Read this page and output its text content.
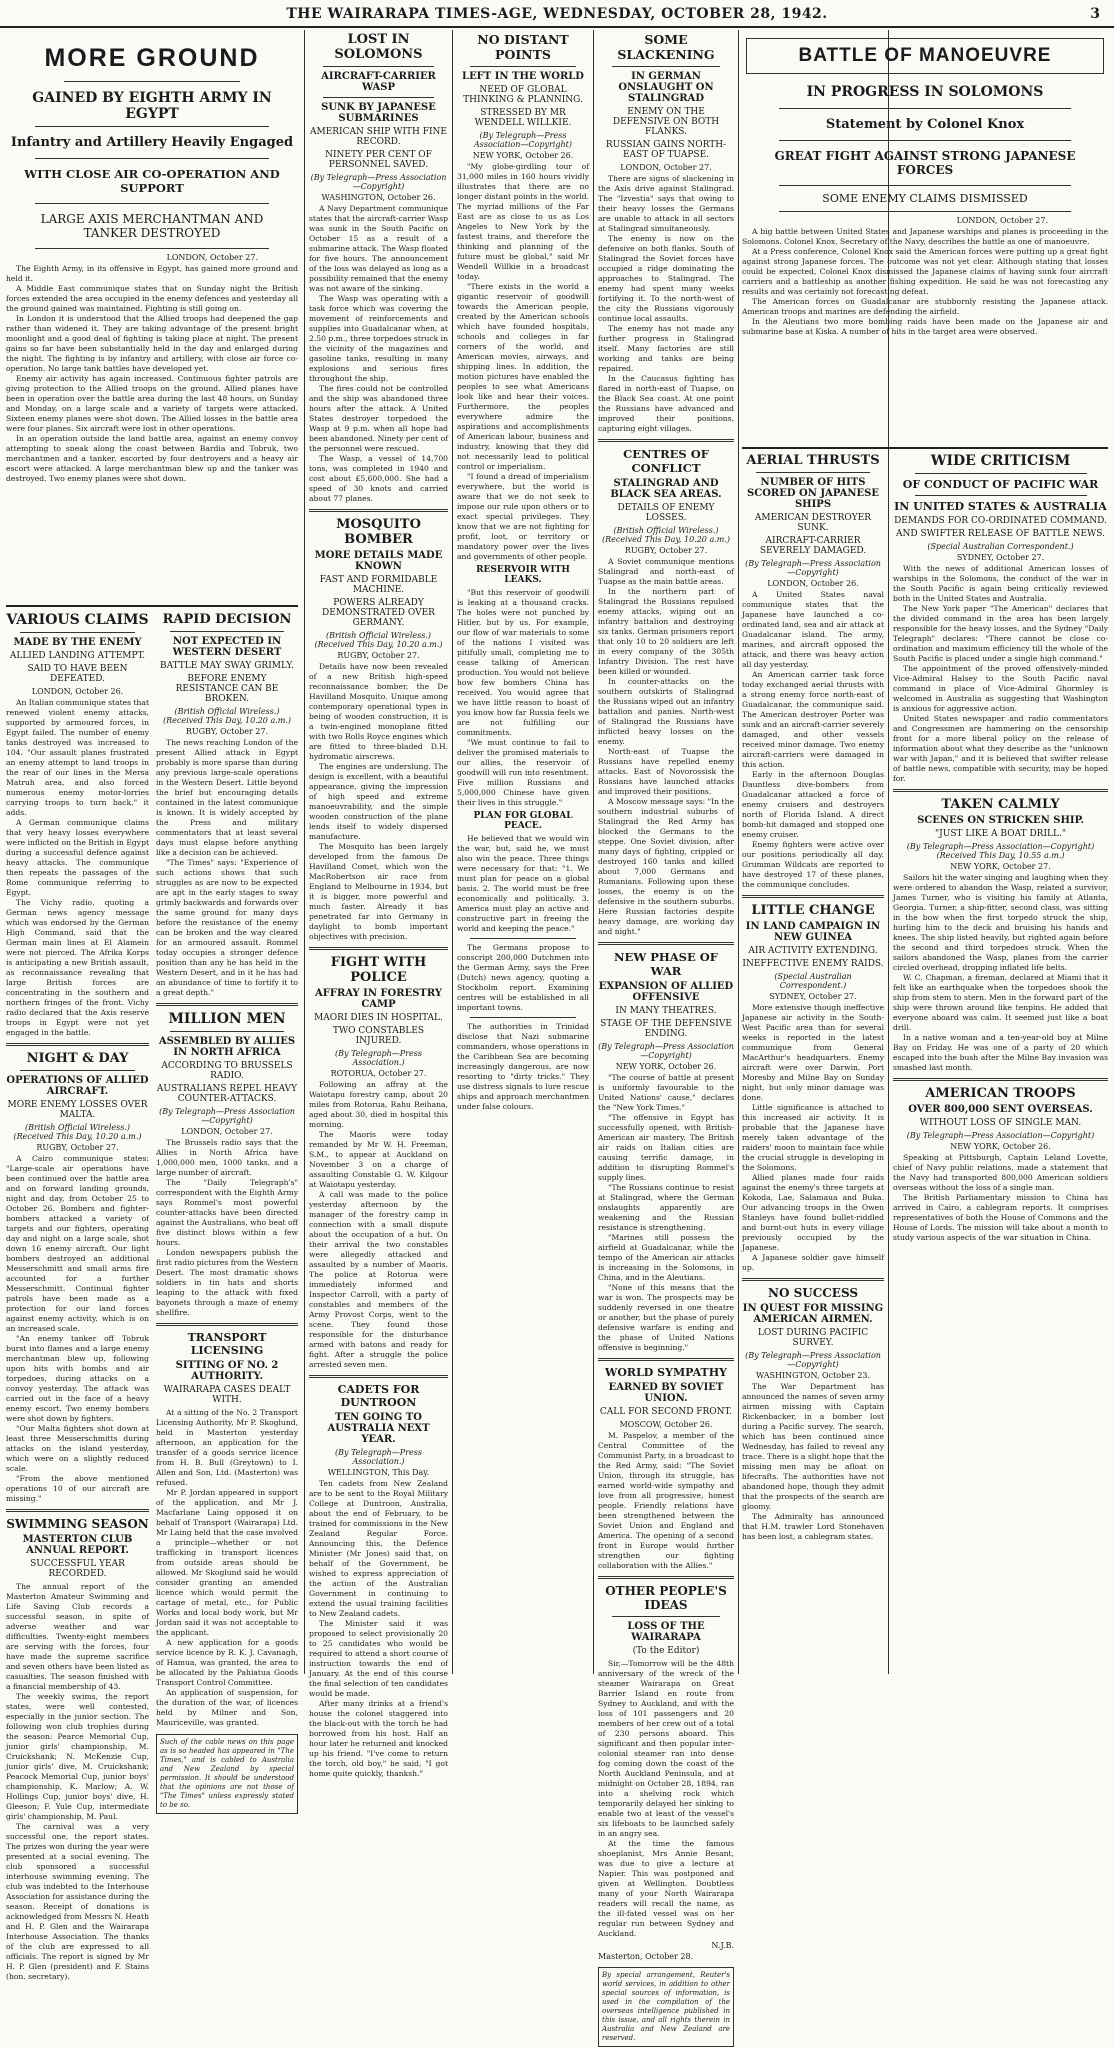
THE WAIRARAPA TIMES-AGE, WEDNESDAY, OCTOBER 28, 1942.	3
MORE GROUND
GAINED BY EIGHTH ARMY IN EGYPT
Infantry and Artillery Heavily Engaged
WITH CLOSE AIR CO-OPERATION AND SUPPORT
LARGE AXIS MERCHANTMAN AND TANKER DESTROYED
LONDON, October 27.

The Eighth Army, in its offensive in Egypt, has gained more ground and held it.

A Middle East communique states that on Sunday night the British forces extended the area occupied in the enemy defences and yesterday all the ground gained was maintained. Fighting is still going on.

In London it is understood that the Allied troops had deepened the gap rather than widened it. They are taking advantage of the present bright moonlight and a good deal of fighting is taking place at night. The present gains so far have been substantially held in the day and enlarged during the night. The fighting is by infantry and artillery, with close air force co-operation. No large tank battles have developed yet.

Enemy air activity has again increased. Continuous fighter patrols are giving protection to the Allied troops on the ground. Allied planes have been in operation over the battle area during the last 48 hours, on Sunday and Monday, on a large scale and a variety of targets were attacked. Sixteen enemy planes were shot down. The Allied losses in the battle area were four planes. Six aircraft were lost in other operations.

In an operation outside the land battle area, against an enemy convoy attempting to sneak along the coast between Bardia and Tobruk, two merchantmen and a tanker, escorted by four destroyers and a heavy air escort were attacked. A large merchantman blew up and the tanker was destroyed. Two enemy planes were shot down.

VARIOUS CLAIMS
MADE BY THE ENEMY
ALLIED LANDING ATTEMPT.
SAID TO HAVE BEEN DEFEATED.
LONDON, October 26.

An Italian communique states that renewed violent enemy attacks, supported by armoured forces, in Egypt failed. The number of enemy tanks destroyed was increased to 104. "Our assault planes frustrated an enemy attempt to land troops in the rear of our lines in the Mersa Matruh area, and also forced numerous enemy motor-lorries carrying troops to turn back," it adds.

A German communique claims that very heavy losses everywhere were inflicted on the British in Egypt during a successful defence against heavy attacks. The communique then repeats the passages of the Rome communique referring to Egypt.

The Vichy radio, quoting a German news agency message which was endorsed by the German High Command, said that the German main lines at El Alamein were not pierced. The Afrika Korps is anticipating a new British assault, as reconnaissance revealing that large British forces are concentrating in the southern and northern fringes of the front. Vichy radio declared that the Axis reserve troops in Egypt were not yet engaged in the battle.

NIGHT & DAY
OPERATIONS OF ALLIED AIRCRAFT.
MORE ENEMY LOSSES OVER MALTA.
(British Official Wireless.) (Received This Day, 10.20 a.m.)
RUGBY, October 27.

A Cairo communique states: "Large-scale air operations have been continued over the battle area and on forward landing grounds, night and day, from October 25 to October 26. Bombers and fighter-bombers attacked a variety of targets and our fighters, operating day and night on a large scale, shot down 16 enemy aircraft. Our light bombers destroyed an additional Messerschmitt and small arms fire accounted for a further Messerschmitt. Continual fighter patrols have been made as a protection for our land forces against enemy activity, which is on an increased scale.

"An enemy tanker off Tobruk burst into flames and a large enemy merchantman blew up, following upon hits with bombs and air torpedoes, during attacks on a convoy yesterday. The attack was carried out in the face of a heavy enemy escort. Two enemy bombers were shot down by fighters.

"Our Malta fighters shot down at least three Messerschmitts during attacks on the island yesterday, which were on a slightly reduced scale.

"From the above mentioned operations 10 of our aircraft are missing."

SWIMMING SEASON
MASTERTON CLUB ANNUAL REPORT.
SUCCESSFUL YEAR RECORDED.

The annual report of the Masterton Amateur Swimming and Life Saving Club records a successful season, in spite of adverse weather and war difficulties. Twenty-eight members are serving with the forces, four have made the supreme sacrifice and seven others have been listed as casualties. The season finished with a financial membership of 43.

The weekly swims, the report states, were well contested, especially in the junior section. The following won club trophies during the season: Pearce Memorial Cup, junior girls' championship, M. Cruickshank; N. McKenzie Cup, junior girls' dive, M. Cruickshank; Peacock Memorial Cup, junior boys' championship, K. Marlow; A. W. Hollings Cup, junior boys' dive, H. Gleeson; F. Yule Cup, intermediate girls' championship, M. Paul.

The carnival was a very successful one, the report states. The prizes won during the year were presented at a social evening. The club sponsored a successful interhouse swimming evening. The club was indebted to the Interhouse Association for assistance during the season. Receipt of donations is acknowledged from Messrs N. Heath and H. P. Glen and the Wairarapa Interhouse Association. The thanks of the club are expressed to all officials. The report is signed by Mr H. P. Glen (president) and F. Stains (hon. secretary).

RAPID DECISION
NOT EXPECTED IN WESTERN DESERT
BATTLE MAY SWAY GRIMLY.
BEFORE ENEMY RESISTANCE CAN BE BROKEN.
(British Official Wireless.) (Received This Day, 10.20 a.m.)
RUGBY, October 27.

The news reaching London of the present Allied attack in Egypt probably is more sparse than during any previous large-scale operations in the Western Desert. Little beyond the brief but encouraging details contained in the latest communique is known. It is widely accepted by the Press and military commentators that at least several days must elapse before anything like a decision can be achieved.

"The Times" says: "Experience of such actions shows that such struggles as are now to be expected are apt in the early stages to sway grimly backwards and forwards over the same ground for many days before the resistance of the enemy can be broken and the way cleared for an armoured assault. Rommel today occupies a stronger defence position than any he has held in the Western Desert, and in it he has had an abundance of time to fortify it to a great depth."

MILLION MEN
ASSEMBLED BY ALLIES IN NORTH AFRICA
ACCORDING TO BRUSSELS RADIO.
AUSTRALIANS REPEL HEAVY COUNTER-ATTACKS.
(By Telegraph—Press Association—Copyright)
LONDON, October 27.

The Brussels radio says that the Allies in North Africa have 1,000,000 men, 1000 tanks, and a large number of aircraft.

The "Daily Telegraph's" correspondent with the Eighth Army says Rommel's most powerful counter-attacks have been directed against the Australians, who beat off five distinct blows within a few hours.

London newspapers publish the first radio pictures from the Western Desert. The most dramatic shows soldiers in tin hats and shorts leaping to the attack with fixed bayonets through a maze of enemy shellfire.

TRANSPORT LICENSING
SITTING OF NO. 2 AUTHORITY.
WAIRARAPA CASES DEALT WITH.

At a sitting of the No. 2 Transport Licensing Authority, Mr P. Skoglund, held in Masterton yesterday afternoon, an application for the transfer of a goods service licence from H. B. Bull (Greytown) to I. Allen and Son, Ltd. (Masterton) was refused.

Mr P. Jordan appeared in support of the application, and Mr J. Macfarlane Laing opposed it on behalf of Transport (Wairarapa) Ltd. Mr Laing held that the case involved a principle—whether or not trafficking in transport licences from outside areas should be allowed. Mr Skoglund said he would consider granting an amended licence which would permit the cartage of metal, etc., for Public Works and local body work, but Mr Jordan said it was not acceptable to the applicant.

A new application for a goods service licence by R. K. J. Cavanagh, of Hamua, was granted, the area to be allocated by the Pahiatua Goods Transport Control Committee.

An application of suspension, for the duration of the war, of licences held by Milner and Son, Mauriceville, was granted.

Such of the cable news on this page as is so headed has appeared in "The Times," and is cabled to Australia and New Zealand by special permission. It should be understood that the opinions are not those of "The Times" unless expressly stated to be so.
LOST IN SOLOMONS
AIRCRAFT-CARRIER WASP
SUNK BY JAPANESE SUBMARINES
AMERICAN SHIP WITH FINE RECORD.
NINETY PER CENT OF PERSONNEL SAVED.
(By Telegraph—Press Association—Copyright)
WASHINGTON, October 26.

A Navy Department communique states that the aircraft-carrier Wasp was sunk in the South Pacific on October 15 as a result of a submarine attack. The Wasp floated for five hours. The announcement of the loss was delayed as long as a possibility remained that the enemy was not aware of the sinking.

The Wasp was operating with a task force which was covering the movement of reinforcements and supplies into Guadalcanar when, at 2.50 p.m., three torpedoes struck in the vicinity of the magazines and gasoline tanks, resulting in many explosions and serious fires throughout the ship.

The fires could not be controlled and the ship was abandoned three hours after the attack. A United States destroyer torpedoed the Wasp at 9 p.m. when all hope had been abandoned. Ninety per cent of the personnel were rescued.

The Wasp, a vessel of 14,700 tons, was completed in 1940 and cost about £5,600,000. She had a speed of 30 knots and carried about 77 planes.

MOSQUITO BOMBER
MORE DETAILS MADE KNOWN
FAST AND FORMIDABLE MACHINE.
POWERS ALREADY DEMONSTRATED OVER GERMANY.
(British Official Wireless.) (Received This Day, 10.20 a.m.)
RUGBY, October 27.

Details have now been revealed of a new British high-speed reconnaissance bomber, the De Havilland Mosquito. Unique among contemporary operational types in being of wooden construction, it is a twin-engined monoplane fitted with two Rolls Royce engines which are fitted to three-bladed D.H. hydromatic airscrews.

The engines are underslung. The design is excellent, with a beautiful appearance, giving the impression of high speed and extreme manoeuvrability, and the simple wooden construction of the plane lends itself to widely dispersed manufacture.

The Mosquito has been largely developed from the famous De Havilland Comet, which won the MacRobertson air race from England to Melbourne in 1934, but it is bigger, more powerful and much faster. Already it has penetrated far into Germany in daylight to bomb important objectives with precision.

FIGHT WITH POLICE
AFFRAY IN FORESTRY CAMP
MAORI DIES IN HOSPITAL.
TWO CONSTABLES INJURED.
(By Telegraph—Press Association.)
ROTORUA, October 27.

Following an affray at the Waiotapu forestry camp, about 20 miles from Rotorua, Rahu Reihana, aged about 30, died in hospital this morning.

The Maoris were today remanded by Mr W. H. Freeman, S.M., to appear at Auckland on November 3 on a charge of assaulting Constable G. W. Kilgour at Waiotapu yesterday.

A call was made to the police yesterday afternoon by the manager of the forestry camp in connection with a small dispute about the occupation of a hut. On their arrival the two constables were allegedly attacked and assaulted by a number of Maoris. The police at Rotorua were immediately informed and Inspector Carroll, with a party of constables and members of the Army Provost Corps, went to the scene. They found those responsible for the disturbance armed with batons and ready for fight. After a struggle the police arrested seven men.

CADETS FOR DUNTROON
TEN GOING TO AUSTRALIA NEXT YEAR.
(By Telegraph—Press Association.)
WELLINGTON, This Day.

Ten cadets from New Zealand are to be sent to the Royal Military College at Duntroon, Australia, about the end of February, to be trained for commissions in the New Zealand Regular Force. Announcing this, the Defence Minister (Mr Jones) said that, on behalf of the Government, he wished to express appreciation of the action of the Australian Government in continuing to extend the usual training facilities to New Zealand cadets.

The Minister said it was proposed to select provisionally 20 to 25 candidates who would be required to attend a short course of instruction towards the end of January. At the end of this course the final selection of ten candidates would be made.

After many drinks at a friend's house the colonel staggered into the black-out with the torch he had borrowed from his host. Half an hour later he returned and knocked up his friend. "I've come to return the torch, old boy," he said, "I got home quite quickly, thanksh."

NO DISTANT POINTS
LEFT IN THE WORLD
NEED OF GLOBAL THINKING & PLANNING.
STRESSED BY MR WENDELL WILLKIE.
(By Telegraph—Press Association—Copyright)
NEW YORK, October 26.

"My globe-girdling tour of 31,000 miles in 160 hours vividly illustrates that there are no longer distant points in the world. The myriad millions of the Far East are as close to us as Los Angeles to New York by the fastest trains, and therefore the thinking and planning of the future must be global," said Mr Wendell Willkie in a broadcast today.

"There exists in the world a gigantic reservoir of goodwill towards the American people, created by the American schools which have founded hospitals, schools and colleges in far corners of the world, and American movies, airways, and shipping lines. In addition, the motion pictures have enabled the peoples to see what Americans look like and hear their voices. Furthermore, the peoples everywhere admire the aspirations and accomplishments of American labour, business and industry, knowing that they did not necessarily lead to political control or imperialism.

"I found a dread of imperialism everywhere, but the world is aware that we do not seek to impose our rule upon others or to exact special privileges. They know that we are not fighting for profit, loot, or territory or mandatory power over the lives and governments of other people.

RESERVOIR WITH LEAKS.

"But this reservoir of goodwill is leaking at a thousand cracks. The holes were not punched by Hitler, but by us. For example, our flow of war materials to some of the nations I visited was pitifully small, completing me to cease talking of American production. You would not believe how few bombers China has received. You would agree that we have little reason to boast of you know how far Russia feels we are not fulfilling our commitments.

"We must continue to fail to deliver the promised materials to our allies, the reservoir of goodwill will run into resentment. Five million Russians and 5,000,000 Chinese have given their lives in this struggle."

PLAN FOR GLOBAL PEACE.

He believed that we would win the war, but, said he, we must also win the peace. Three things were necessary for that: "1. We must plan for peace on a global basis. 2. The world must be free economically and politically. 3. America must play an active and constructive part in freeing the world and keeping the peace."

The Germans propose to conscript 200,000 Dutchmen into the German Army, says the Free (Dutch) news agency, quoting a Stockholm report. Examining centres will be established in all important towns.

The authorities in Trinidad disclose that Nazi submarine commanders, whose operations in the Caribbean Sea are becoming increasingly dangerous, are now resorting to "dirty tricks." They use distress signals to lure rescue ships and approach merchantmen under false colours.

SOME SLACKENING
IN GERMAN ONSLAUGHT ON STALINGRAD
ENEMY ON THE DEFENSIVE ON BOTH FLANKS.
RUSSIAN GAINS NORTH-EAST OF TUAPSE.
LONDON, October 27.

There are signs of slackening in the Axis drive against Stalingrad. The "Izvestia" says that owing to their heavy losses the Germans are unable to attack in all sectors at Stalingrad simultaneously.

The enemy is now on the defensive on both flanks. South of Stalingrad the Soviet forces have occupied a ridge dominating the approaches to Stalingrad. The enemy had spent many weeks fortifying it. To the north-west of the city the Russians vigorously continue local assaults.

The enemy has not made any further progress in Stalingrad itself. Many factories are still working and tanks are being repaired.

In the Caucasus fighting has flared in north-east of Tuapse, on the Black Sea coast. At one point the Russians have advanced and improved their positions, capturing eight villages.

CENTRES OF CONFLICT
STALINGRAD AND BLACK SEA AREAS.
DETAILS OF ENEMY LOSSES.
(British Official Wireless.) (Received This Day, 10.20 a.m.)
RUGBY, October 27.

A Soviet communique mentions Stalingrad and north-east of Tuapse as the main battle areas.

In the northern part of Stalingrad the Russians repulsed enemy attacks, wiping out an infantry battalion and destroying six tanks. German prisoners report that only 10 to 20 soldiers are left in every company of the 305th Infantry Division. The rest have been killed or wounded.

In counter-attacks on the southern outskirts of Stalingrad the Russians wiped out an infantry battalion and panies. North-west of Stalingrad the Russians have inflicted heavy losses on the enemy.

North-east of Tuapse the Russians have repelled enemy attacks. East of Novorossisk the Russians have launched attacks and improved their positions.

A Moscow message says: "In the southern industrial suburbs of Stalingrad the Red Army has blocked the Germans to the steppe. One Soviet division, after many days of fighting, crippled or destroyed 160 tanks and killed about 7,000 Germans and Rumanians. Following upon these losses, the enemy is on the defensive in the southern suburbs. Here Russian factories despite heavy damage, are working day and night."

NEW PHASE OF WAR
EXPANSION OF ALLIED OFFENSIVE
IN MANY THEATRES.
STAGE OF THE DEFENSIVE ENDING.
(By Telegraph—Press Association—Copyright)
NEW YORK, October 26.

"The course of battle at present is uniformly favourable to the United Nations' cause," declares the "New York Times."

"The offensive in Egypt has successfully opened, with British-American air mastery. The British air raids on Italian cities are causing terrific damage, in addition to disrupting Rommel's supply lines.

"The Russians continue to resist at Stalingrad, where the German onslaughts apparently are weakening and the Russian resistance is strengthening.

"Marines still possess the airfield at Guadalcanar, while the tempo of the American air attacks is increasing in the Solomons, in China, and in the Aleutians.

"None of this means that the war is won. The prospects may be suddenly reversed in one theatre or another, but the phase of purely defensive warfare is ending and the phase of United Nations offensive is beginning."

WORLD SYMPATHY
EARNED BY SOVIET UNION.
CALL FOR SECOND FRONT.
MOSCOW, October 26.

M. Paspelov, a member of the Central Committee of the Communist Party, in a broadcast to the Red Army, said: "The Soviet Union, through its struggle, has earned world-wide sympathy and love from all progressive, honest people. Friendly relations have been strengthened between the Soviet Union and England and America. The opening of a second front in Europe would further strengthen our fighting collaboration with the Allies."

OTHER PEOPLE'S IDEAS
LOSS OF THE WAIRARAPA
(To the Editor)

Sir,—Tomorrow will be the 48th anniversary of the wreck of the steamer Wairarapa on Great Barrier Island en route from Sydney to Auckland, and with the loss of 101 passengers and 20 members of her crew out of a total of 230 persons aboard. This significant and then popular inter-colonial steamer ran into dense fog coming down the coast of the North Auckland Peninsula, and at midnight on October 28, 1894, ran into a shelving rock which temporarily delayed her sinking to enable two at least of the vessel's six lifeboats to be launched safely in an angry sea.

At the time the famous shoeplanist, Mrs Annie Besant, was due to give a lecture at Napier. This was postponed and given at Wellington. Doubtless many of your North Wairarapa readers will recall the name, as the ill-fated vessel was on her regular run between Sydney and Auckland.

N.J.B.
Masterton, October 28.
By special arrangement, Reuter's world services, in addition to other special sources of information, is used in the compilation of the overseas intelligence published in this issue, and all rights therein in Australia and New Zealand are reserved.
BATTLE OF MANOEUVRE
IN PROGRESS IN SOLOMONS
Statement by Colonel Knox
GREAT FIGHT AGAINST STRONG JAPANESE FORCES
SOME ENEMY CLAIMS DISMISSED
LONDON, October 27.

A big battle between United States and Japanese warships and planes is proceeding in the Solomons. Colonel Knox, Secretary of the Navy, describes the battle as one of manoeuvre.

At a Press conference, Colonel Knox said the American forces were putting up a great fight against strong Japanese forces. The outcome was not yet clear. Although stating that losses could be expected, Colonel Knox dismissed the Japanese claims of having sunk four aircraft carriers and a battleship as another fishing expedition. He said he was not forecasting any results and was certainly not forecasting defeat.

The American forces on Guadalcanar are stubbornly resisting the Japanese attack. American troops and marines are defending the airfield.

In the Aleutians two more bombing raids have been made on the Japanese air and submarine base at Kiska. A number of hits in the target area were observed.

AERIAL THRUSTS
NUMBER OF HITS SCORED ON JAPANESE SHIPS
AMERICAN DESTROYER SUNK.
AIRCRAFT-CARRIER SEVERELY DAMAGED.
(By Telegraph—Press Association—Copyright)
LONDON, October 26.

A United States naval communique states that the Japanese have launched a co-ordinated land, sea and air attack at Guadalcanar island. The army, marines, and aircraft opposed the attack, and there was heavy action all day yesterday.

An American carrier task force today exchanged aerial thrusts with a strong enemy force north-east of Guadalcanar, the communique said. The American destroyer Porter was sunk and an aircraft-carrier severely damaged, and other vessels received minor damage. Two enemy aircraft-carriers were damaged in this action.

Early in the afternoon Douglas Dauntless dive-bombers from Guadalcanar attacked a force of enemy cruisers and destroyers north of Florida Island. A direct bomb-hit damaged and stopped one enemy cruiser.

Enemy fighters were active over our positions periodically all day. Grumman Wildcats are reported to have destroyed 17 of these planes, the communique concludes.

LITTLE CHANGE
IN LAND CAMPAIGN IN NEW GUINEA
AIR ACTIVITY EXTENDING.
INEFFECTIVE ENEMY RAIDS.
(Special Australian Correspondent.)
SYDNEY, October 27.

More extensive though ineffective Japanese air activity in the South-West Pacific area than for several weeks is reported in the latest communique from General MacArthur's headquarters. Enemy aircraft were over Darwin, Port Moresby and Milne Bay on Sunday night, but only minor damage was done.

Little significance is attached to this increased air activity. It is probable that the Japanese have merely taken advantage of the raiders' moon to maintain face while the crucial struggle is developing in the Solomons.

Allied planes made four raids against the enemy's three targets at Kokoda, Lae, Salamaua and Buka. Our advancing troops in the Owen Stanleys have found bullet-riddled and burnt-out huts in every village previously occupied by the Japanese.

A Japanese soldier gave himself up.

NO SUCCESS
IN QUEST FOR MISSING AMERICAN AIRMEN.
LOST DURING PACIFIC SURVEY.
(By Telegraph—Press Association—Copyright)
WASHINGTON, October 23.

The War Department has announced the names of seven army airmen missing with Captain Rickenbacker, in a bomber lost during a Pacific survey. The search, which has been continued since Wednesday, has failed to reveal any trace. There is a slight hope that the missing men may be afloat on lifecrafts. The authorities have not abandoned hope, though they admit that the prospects of the search are gloomy.

The Admiralty has announced that H.M. trawler Lord Stonehaven has been lost, a cablegram states.

WIDE CRITICISM
OF CONDUCT OF PACIFIC WAR
IN UNITED STATES & AUSTRALIA
DEMANDS FOR CO-ORDINATED COMMAND.
AND SWIFTER RELEASE OF BATTLE NEWS.
(Special Australian Correspondent.)
SYDNEY, October 27.

With the news of additional American losses of warships in the Solomons, the conduct of the war in the South Pacific is again being critically reviewed both in the United States and Australia.

The New York paper "The American" declares that the divided command in the area has been largely responsible for the heavy losses, and the Sydney "Daily Telegraph" declares: "There cannot be close co-ordination and maximum efficiency till the whole of the South Pacific is placed under a single high command."

The appointment of the proved offensively-minded Vice-Admiral Halsey to the South Pacific naval command in place of Vice-Admiral Ghormley is welcomed in Australia as suggesting that Washington is anxious for aggressive action.

United States newspaper and radio commentators and Congressmen are hammering on the censorship front for a more liberal policy on the release of information about what they describe as the "unknown war with Japan," and it is believed that swifter release of battle news, compatible with security, may be hoped for.

TAKEN CALMLY
SCENES ON STRICKEN SHIP.
"JUST LIKE A BOAT DRILL."
(By Telegraph—Press Association—Copyright) (Received This Day, 10.55 a.m.)
NEW YORK, October 27.

Sailors hit the water singing and laughing when they were ordered to abandon the Wasp, related a survivor, James Turner, who is visiting his family at Atlanta, Georgia. Turner, a ship-fitter, second class, was sitting in the bow when the first torpedo struck the ship, hurling him to the deck and bruising his hands and knees. The ship listed heavily, but righted again before the second and third torpedoes struck. When the sailors abandoned the Wasp, planes from the carrier circled overhead, dropping inflated life belts.

W. C. Chapman, a fireman, declared at Miami that it felt like an earthquake when the torpedoes shook the ship from stem to stern. Men in the forward part of the ship were thrown around like tenpins. He added that everyone aboard was calm. It seemed just like a boat drill.

In a native woman and a ten-year-old boy at Milne Bay on Friday. He was one of a party of 20 which escaped into the bush after the Milne Bay invasion was smashed last month.

AMERICAN TROOPS
OVER 800,000 SENT OVERSEAS.
WITHOUT LOSS OF SINGLE MAN.
(By Telegraph—Press Association—Copyright)
NEW YORK, October 26.

Speaking at Pittsburgh, Captain Leland Lovette, chief of Navy public relations, made a statement that the Navy had transported 800,000 American soldiers overseas without the loss of a single man.

The British Parliamentary mission to China has arrived in Cairo, a cablegram reports. It comprises representatives of both the House of Commons and the House of Lords. The mission will take about a month to study various aspects of the war situation in China.
